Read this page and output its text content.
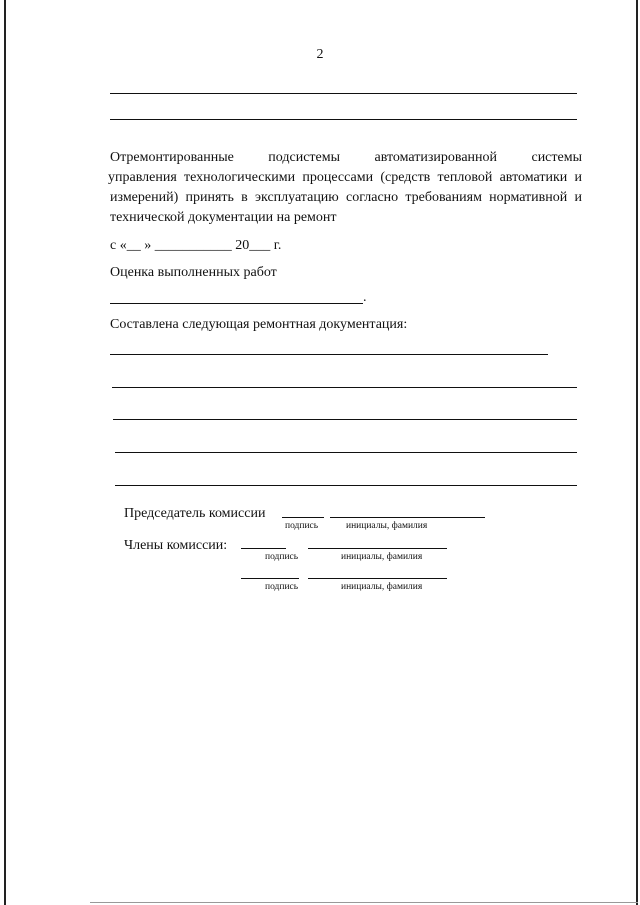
2
Отремонтированные подсистемы автоматизированной системы
управления технологическими процессами (средств тепловой автоматики и
измерений) принять в эксплуатацию согласно требованиям нормативной и
технической документации на ремонт
с «__ » ___________ 20___ г.
Оценка выполненных работ
.
Составлена следующая ремонтная документация:
Председатель комиссии
подпись	инициалы, фамилия
Члены комиссии:
подпись	инициалы, фамилия
подпись	инициалы, фамилия
